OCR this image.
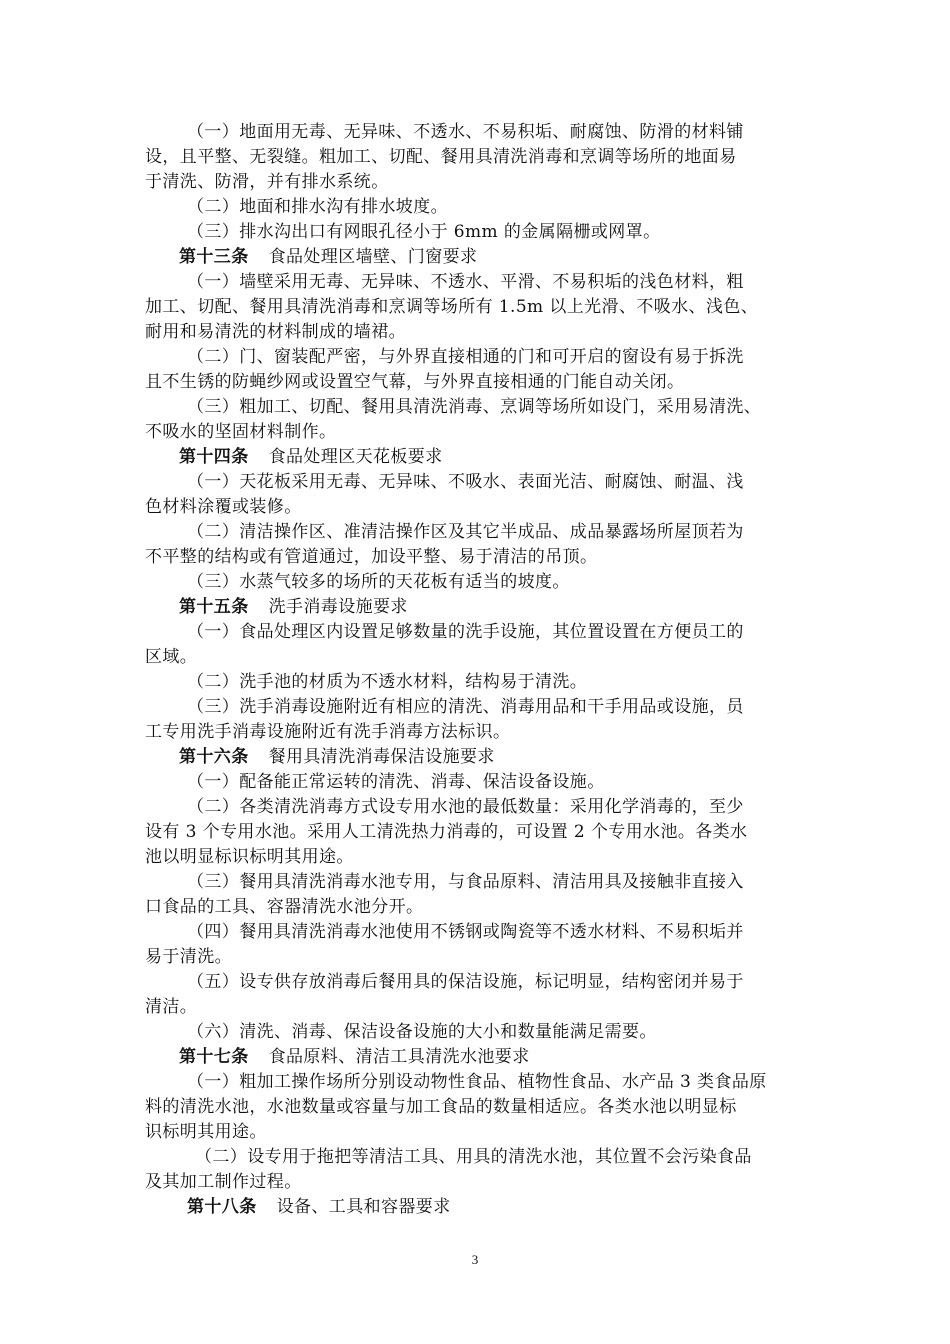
（一）地面用无毒、无异味、不透水、不易积垢、耐腐蚀、防滑的材料铺
设，且平整、无裂缝。粗加工、切配、餐用具清洗消毒和烹调等场所的地面易
于清洗、防滑，并有排水系统。
（二）地面和排水沟有排水坡度。
（三）排水沟出口有网眼孔径小于 6mm 的金属隔栅或网罩。
第十三条 食品处理区墙壁、门窗要求
（一）墙壁采用无毒、无异味、不透水、平滑、不易积垢的浅色材料，粗
加工、切配、餐用具清洗消毒和烹调等场所有 1.5m 以上光滑、不吸水、浅色、
耐用和易清洗的材料制成的墙裙。
（二）门、窗装配严密，与外界直接相通的门和可开启的窗设有易于拆洗
且不生锈的防蝇纱网或设置空气幕，与外界直接相通的门能自动关闭。
（三）粗加工、切配、餐用具清洗消毒、烹调等场所如设门，采用易清洗、
不吸水的坚固材料制作。
第十四条 食品处理区天花板要求
（一）天花板采用无毒、无异味、不吸水、表面光洁、耐腐蚀、耐温、浅
色材料涂覆或装修。
（二）清洁操作区、准清洁操作区及其它半成品、成品暴露场所屋顶若为
不平整的结构或有管道通过，加设平整、易于清洁的吊顶。
（三）水蒸气较多的场所的天花板有适当的坡度。
第十五条 洗手消毒设施要求
（一）食品处理区内设置足够数量的洗手设施，其位置设置在方便员工的
区域。
（二）洗手池的材质为不透水材料，结构易于清洗。
（三）洗手消毒设施附近有相应的清洗、消毒用品和干手用品或设施，员
工专用洗手消毒设施附近有洗手消毒方法标识。
第十六条 餐用具清洗消毒保洁设施要求
（一）配备能正常运转的清洗、消毒、保洁设备设施。
（二）各类清洗消毒方式设专用水池的最低数量：采用化学消毒的，至少
设有 3 个专用水池。采用人工清洗热力消毒的，可设置 2 个专用水池。各类水
池以明显标识标明其用途。
（三）餐用具清洗消毒水池专用，与食品原料、清洁用具及接触非直接入
口食品的工具、容器清洗水池分开。
（四）餐用具清洗消毒水池使用不锈钢或陶瓷等不透水材料、不易积垢并
易于清洗。
（五）设专供存放消毒后餐用具的保洁设施，标记明显，结构密闭并易于
清洁。
（六）清洗、消毒、保洁设备设施的大小和数量能满足需要。
第十七条 食品原料、清洁工具清洗水池要求
（一）粗加工操作场所分别设动物性食品、植物性食品、水产品 3 类食品原
料的清洗水池，水池数量或容量与加工食品的数量相适应。各类水池以明显标
识标明其用途。
（二）设专用于拖把等清洁工具、用具的清洗水池，其位置不会污染食品
及其加工制作过程。
第十八条 设备、工具和容器要求
3
